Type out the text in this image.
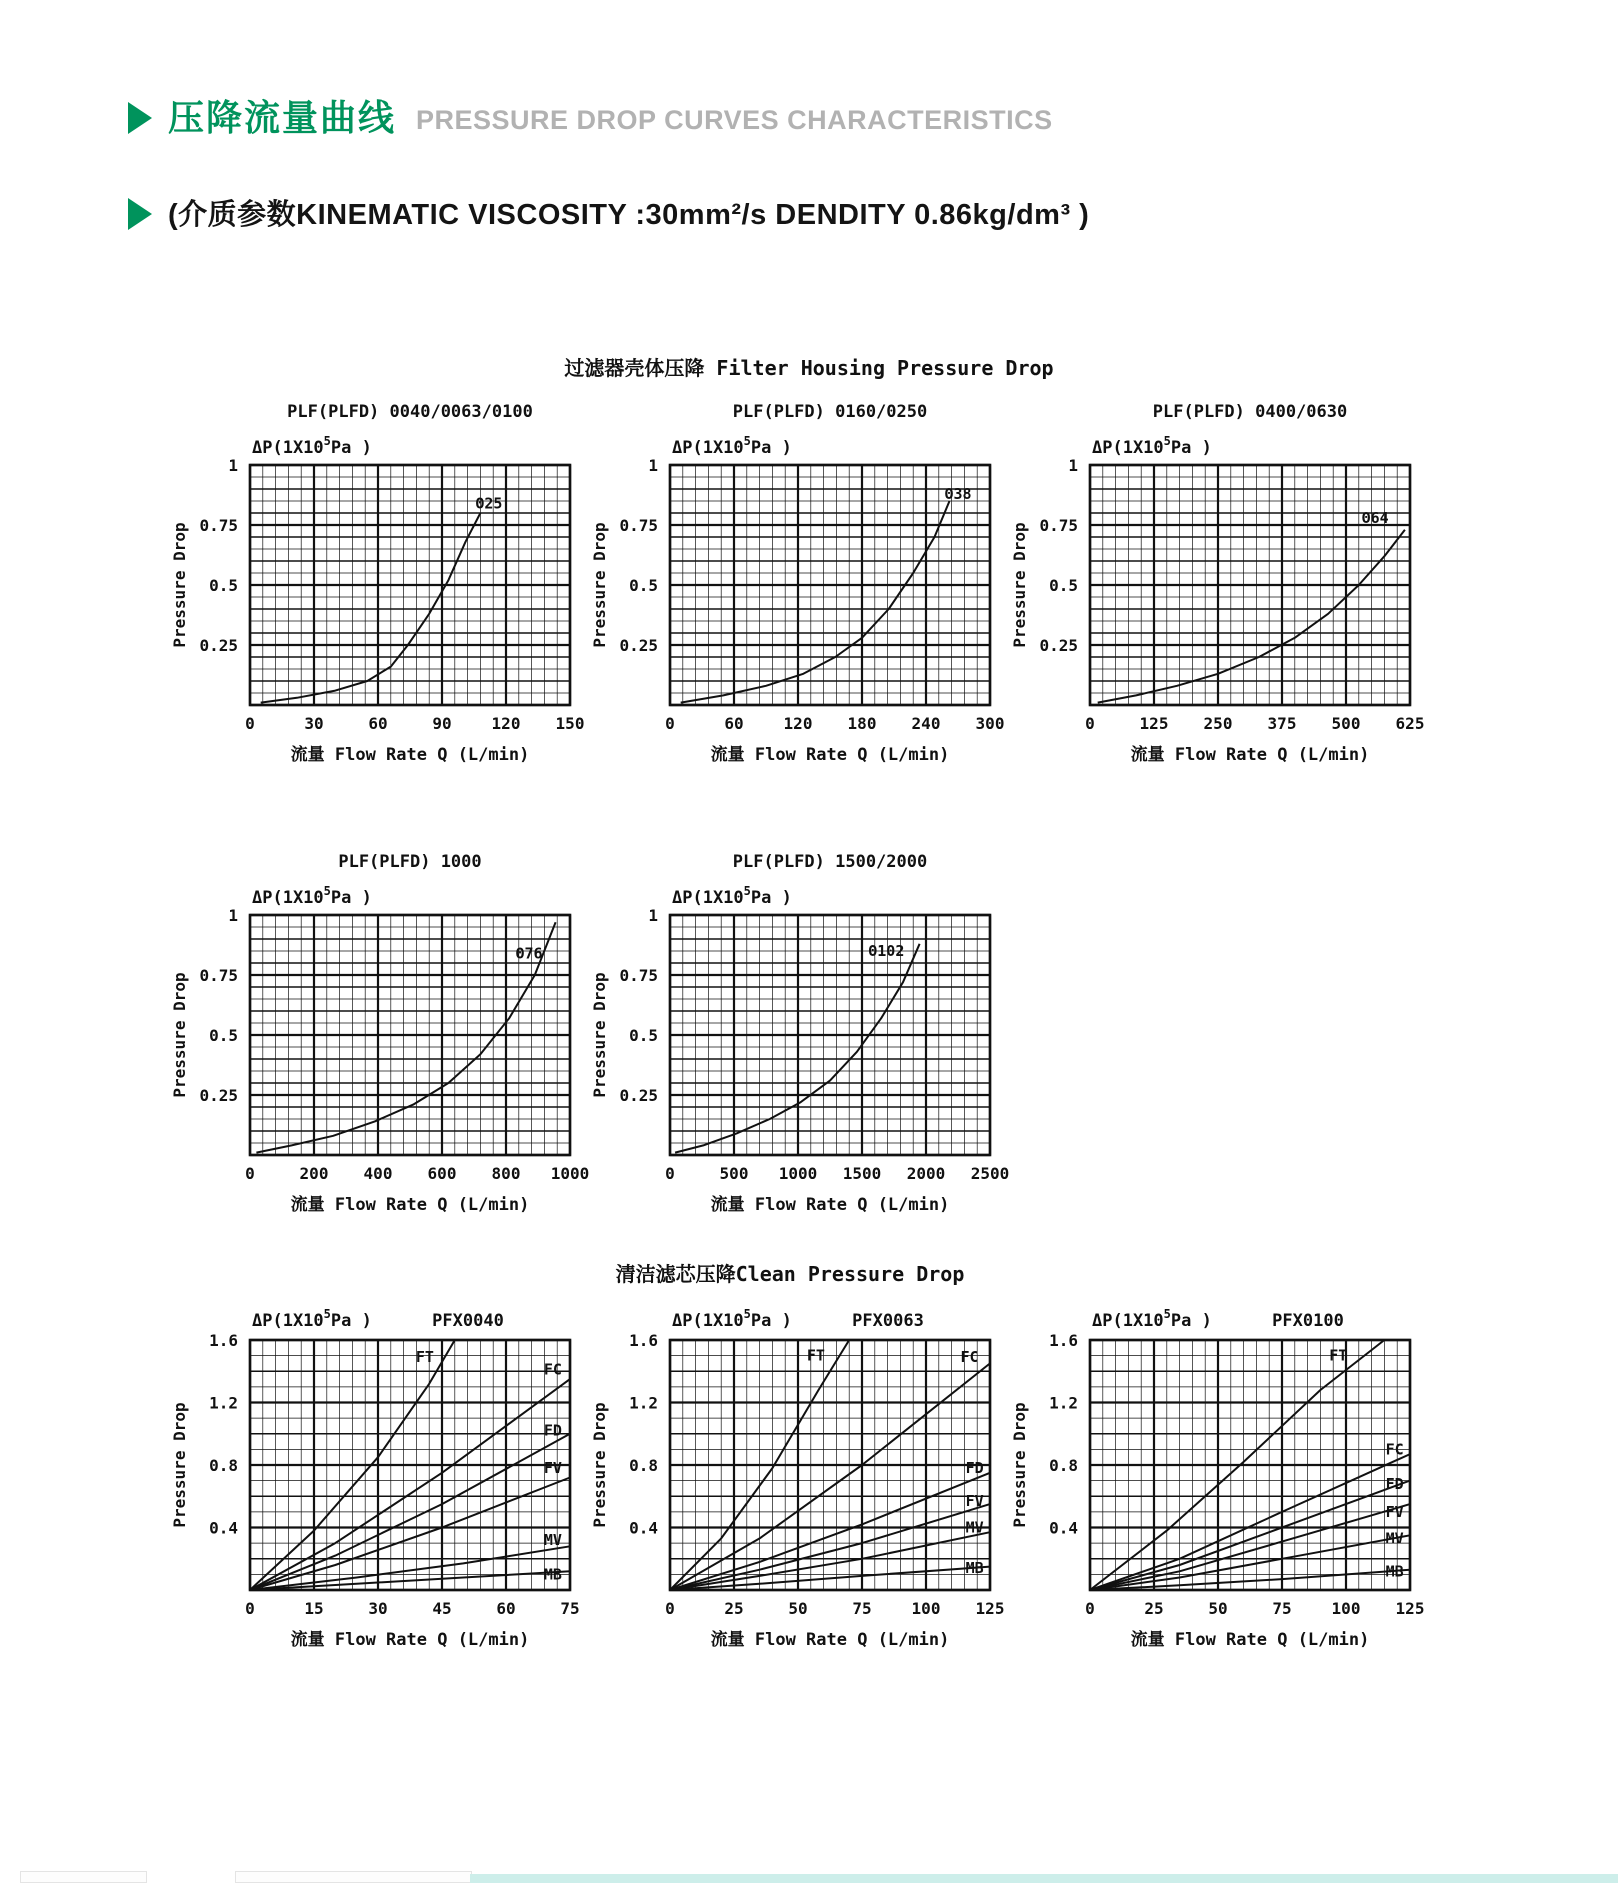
压降流量曲线 PRESSURE DROP CURVES CHARACTERISTICS
(介质参数KINEMATIC VISCOSITY :30mm²/s DENDITY 0.86kg/dm³ )
过滤器壳体压降 Filter Housing Pressure Drop
清洁滤芯压降Clean Pressure Drop
PLF(PLFD) 0040/0063/0100
$\Delta P(1X10^5Pa$ )
0.25
0.5
0.75
1
0	30	60	90 120 150
流量 Flow Rate Q (L/min)
Pressure Drop
Θ25
PLF(PLFD) 0160/0250
$\Delta P(1X10^5Pa$ )
0.25
0.5
0.75
1
0	60 120 180 240 300
流量 Flow Rate Q (L/min)
Pressure Drop
Θ38
PLF(PLFD) 0400/0630
$\Delta P(1X10^5Pa$ )
0.25
0.5
0.75
1
0	125 250 375 500 625
流量 Flow Rate Q (L/min)
Pressure Drop
Θ64
PLF(PLFD) 1000
$\Delta P(1X10^5Pa$ )
0.25
0.5
0.75
1
0	200 400 600 800 1000
流量 Flow Rate Q (L/min)
Pressure Drop
Θ76
PLF(PLFD) 1500/2000
$\Delta P(1X10^5Pa$ )
0.25
0.5
0.75
1
0	500 1000 1500 2000 2500
流量 Flow Rate Q (L/min)
Pressure Drop
Θ102
PFX0040
$\Delta P(1X10^5Pa$ )
0.4
0.8
1.2
1.6
0	15	30	45	60	75
流量 Flow Rate Q (L/min)
Pressure Drop
FT
FC
FD
FV
MV
MB
PFX0063
$\Delta P(1X10^5Pa$ )
0.4
0.8
1.2
1.6
0	25	50	75 100 125
流量 Flow Rate Q (L/min)
Pressure Drop
FT	FC
FD
FV
MV
MB
PFX0100
$\Delta P(1X10^5Pa$ )
0.4
0.8
1.2
1.6
0	25	50	75 100 125
流量 Flow Rate Q (L/min)
Pressure Drop
FT
FC
FD
FV
MV
MB
